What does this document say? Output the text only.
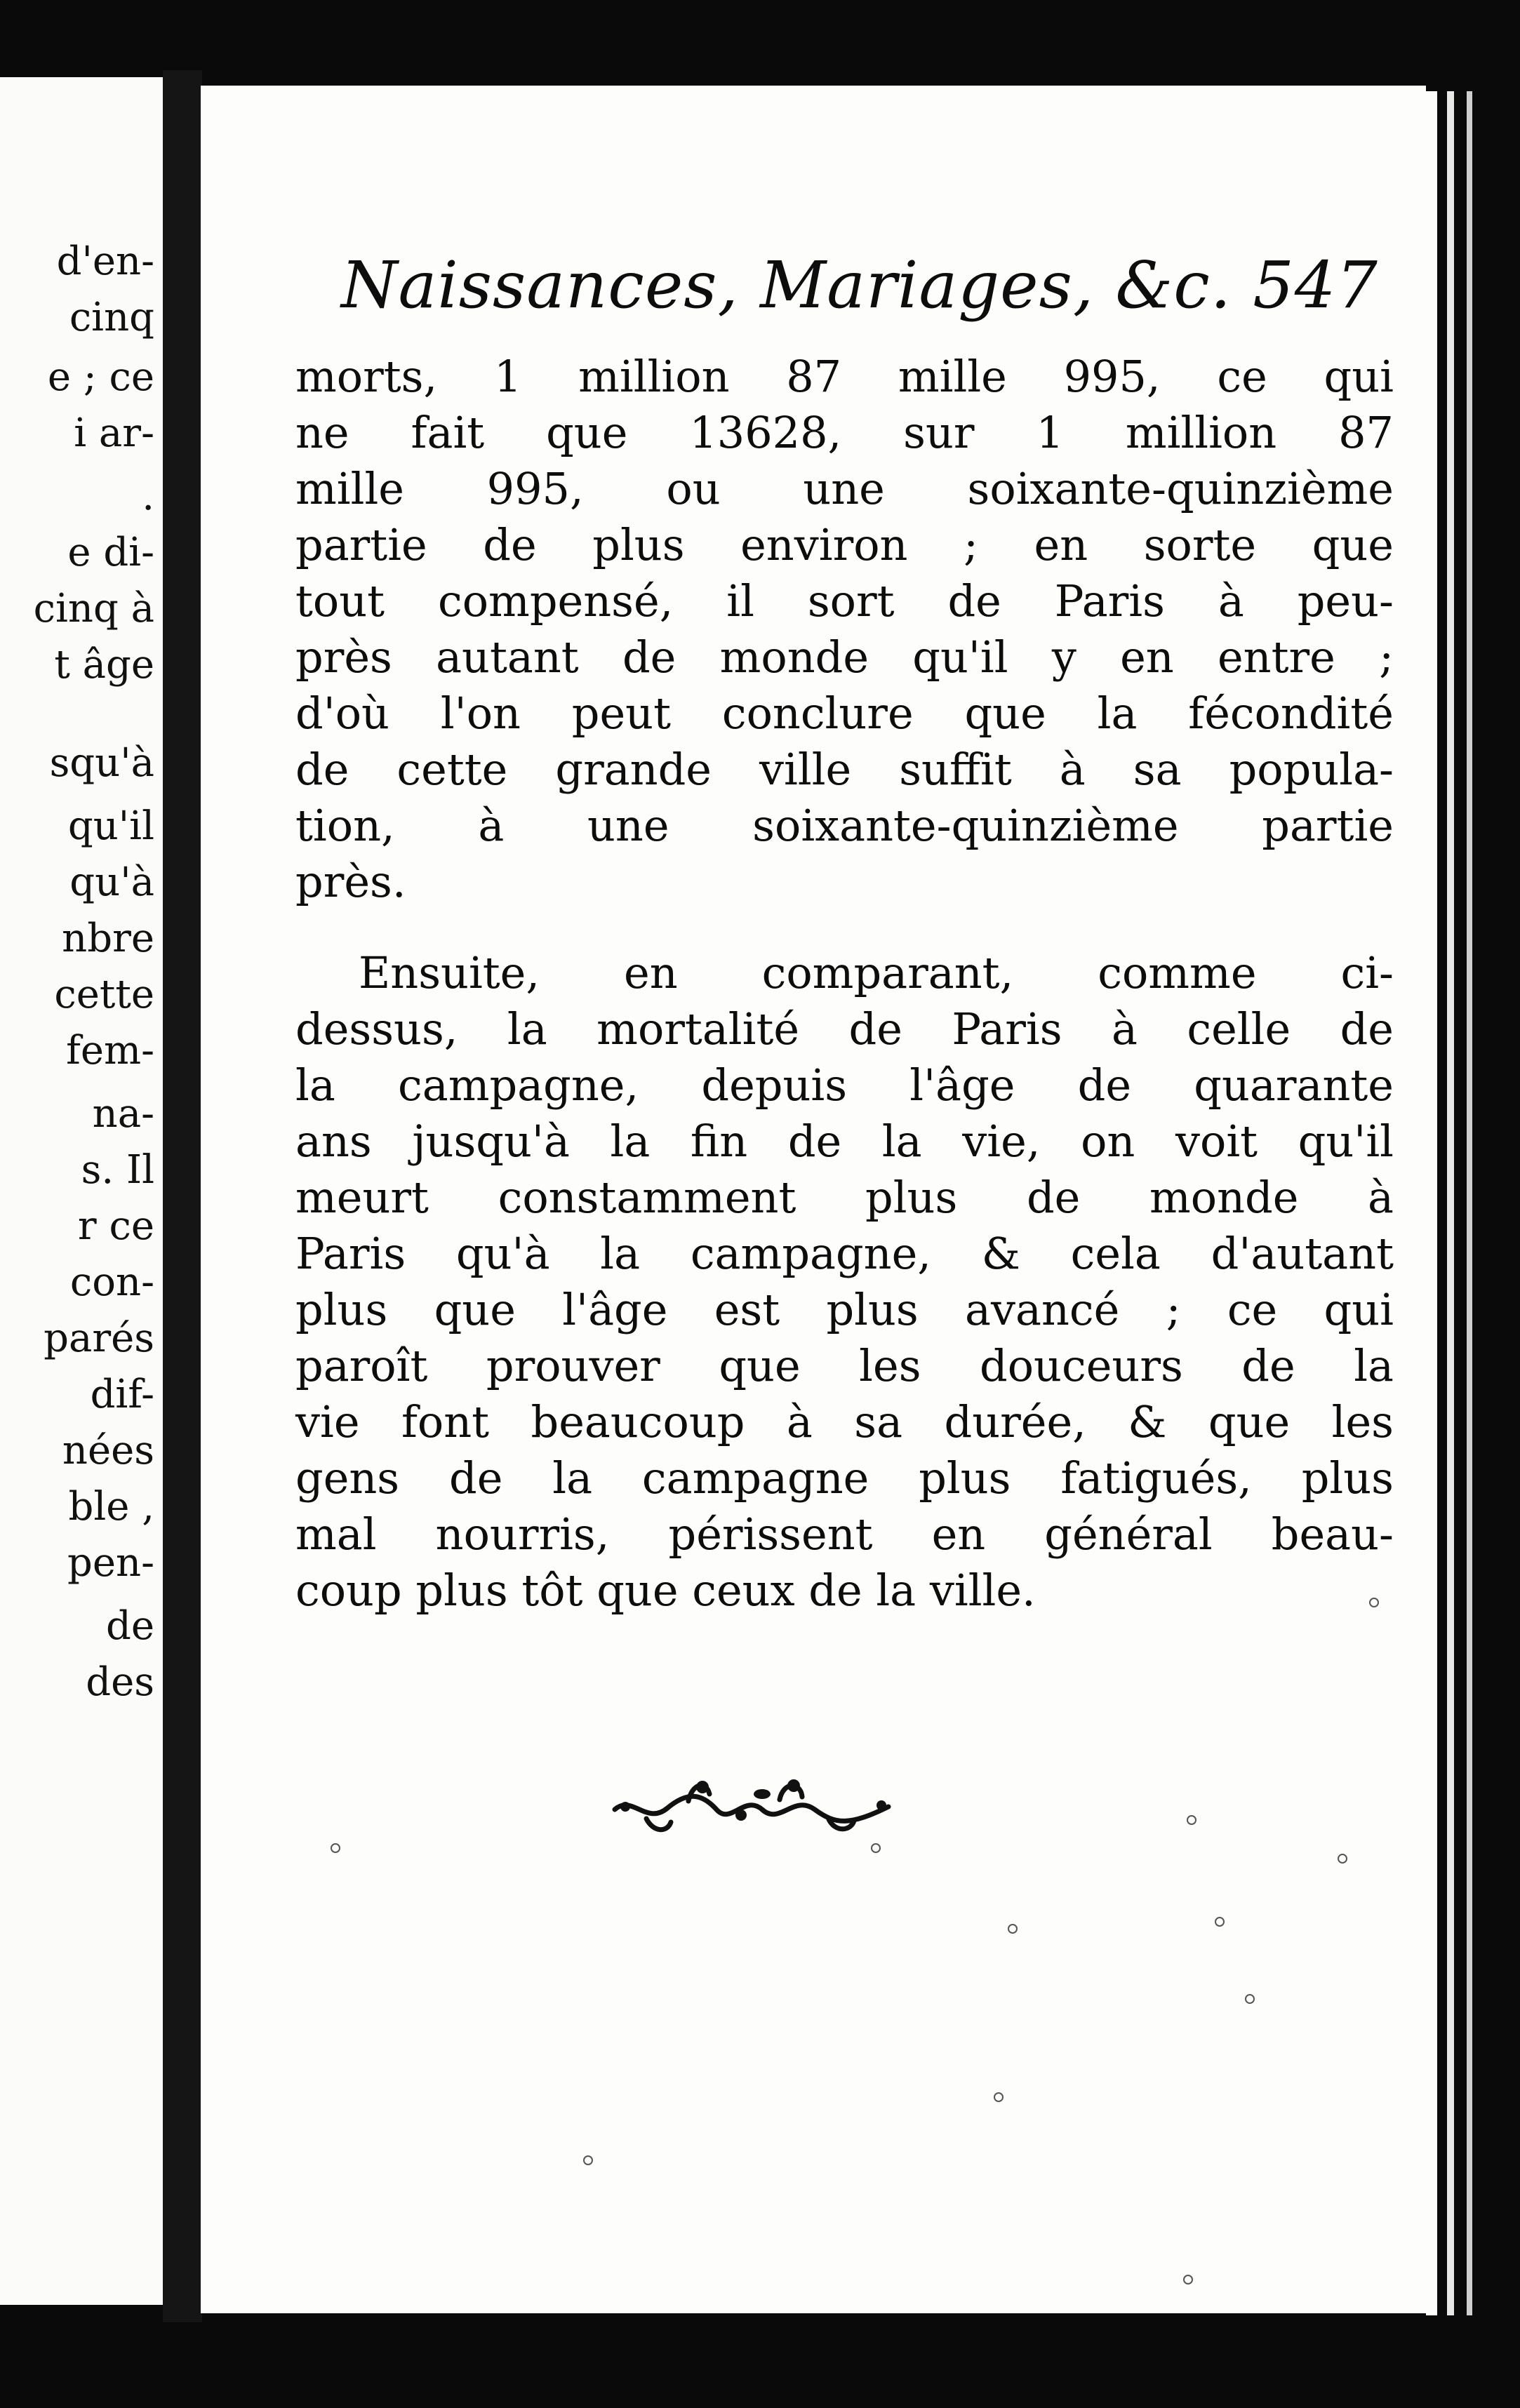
d'en-
cinq
e ; ce
i ar-
.
e di-
cinq à
t âge
squ'à
qu'il
qu'à
nbre
cette
fem-
na-
s. Il
r ce
con-
parés
dif-
nées
ble ,
pen-
de
des
Naissances, Mariages, &c. 547
morts, 1 million 87 mille 995, ce qui
ne fait que 13628, sur 1 million 87
mille 995, ou une soixante-quinzième
partie de plus environ ; en sorte que
tout compensé, il sort de Paris à peu-
près autant de monde qu'il y en entre ;
d'où l'on peut conclure que la fécondité
de cette grande ville suffit à sa popula-
tion, à une soixante-quinzième partie
près.
Ensuite, en comparant, comme ci-
dessus, la mortalité de Paris à celle de
la campagne, depuis l'âge de quarante
ans jusqu'à la fin de la vie, on voit qu'il
meurt constamment plus de monde à
Paris qu'à la campagne, & cela d'autant
plus que l'âge est plus avancé ; ce qui
paroît prouver que les douceurs de la
vie font beaucoup à sa durée, & que les
gens de la campagne plus fatigués, plus
mal nourris, périssent en général beau-
coup plus tôt que ceux de la ville.
